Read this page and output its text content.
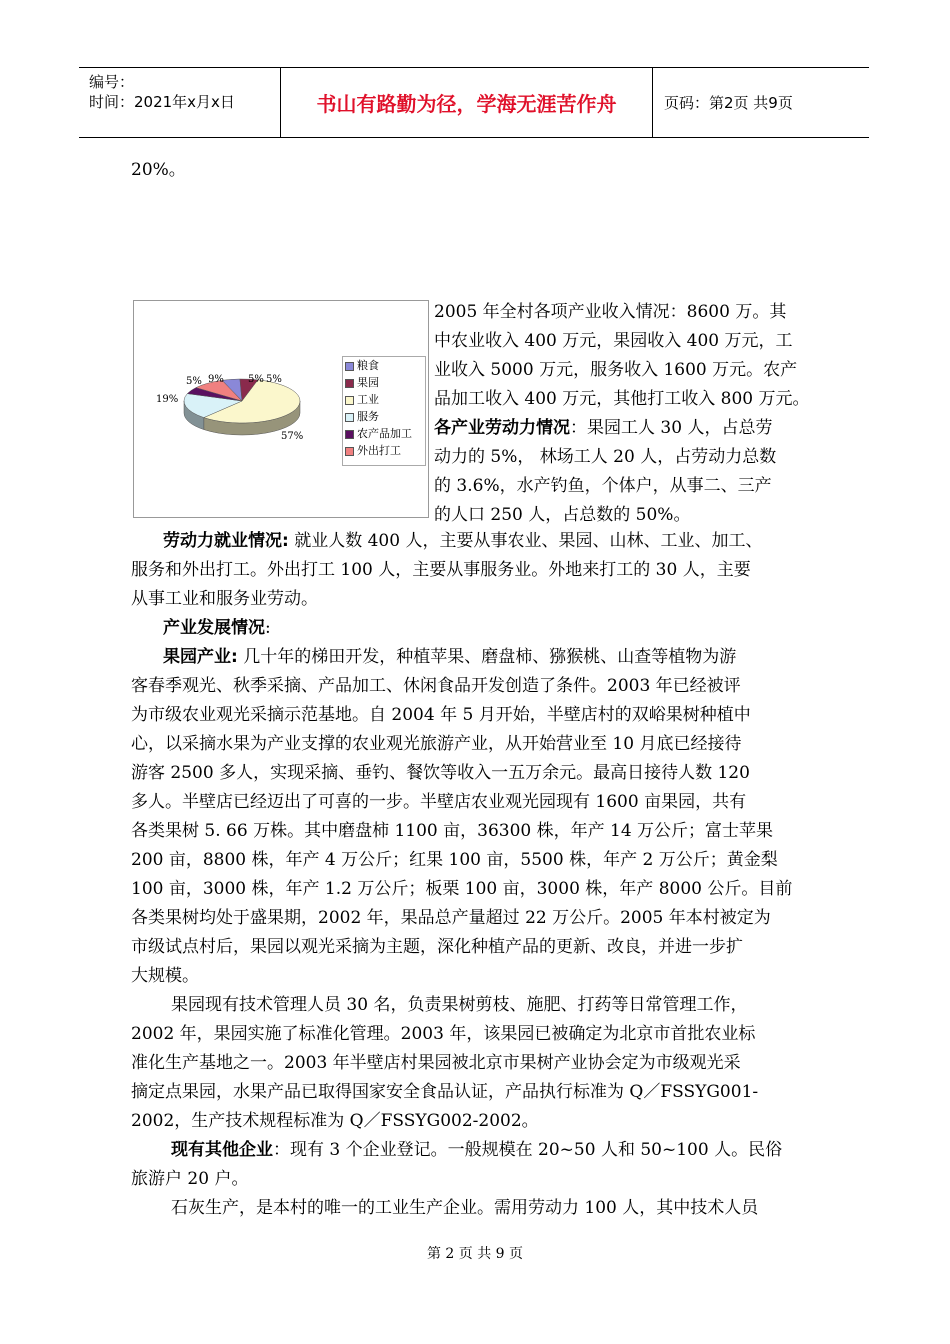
编号：
时间：2021年x月x日	书山有路勤为径，学海无涯苦作舟	页码：第2页 共9页
20%。
粮食
果园
工业
服务
农产品加工
外出打工
5% 5%
57%
19%
5% 9%
2005 年全村各项产业收入情况：8600 万。其
中农业收入 400 万元，果园收入 400 万元，工
业收入 5000 万元，服务收入 1600 万元。农产
品加工收入 400 万元，其他打工收入 800 万元。
各产业劳动力情况：果园工人 30 人，占总劳
动力的 5%， 林场工人 20 人，占劳动力总数
的 3.6%，水产钓鱼，个体户，从事二、三产
的人口 250 人，占总数的 50%。
劳动力就业情况: 就业人数 400 人，主要从事农业、果园、山林、工业、加工、
服务和外出打工。外出打工 100 人，主要从事服务业。外地来打工的 30 人，主要
从事工业和服务业劳动。
产业发展情况:
果园产业: 几十年的梯田开发，种植苹果、磨盘柿、猕猴桃、山查等植物为游
客春季观光、秋季采摘、产品加工、休闲食品开发创造了条件。2003 年已经被评
为市级农业观光采摘示范基地。自 2004 年 5 月开始，半壁店村的双峪果树种植中
心，以采摘水果为产业支撑的农业观光旅游产业，从开始营业至 10 月底已经接待
游客 2500 多人，实现采摘、垂钓、餐饮等收入一五万余元。最高日接待人数 120
多人。半壁店已经迈出了可喜的一步。半壁店农业观光园现有 1600 亩果园，共有
各类果树 5. 66 万株。其中磨盘柿 1100 亩，36300 株，年产 14 万公斤；富士苹果
200 亩，8800 株，年产 4 万公斤；红果 100 亩，5500 株，年产 2 万公斤；黄金梨
100 亩，3000 株，年产 1.2 万公斤；板栗 100 亩，3000 株，年产 8000 公斤。目前
各类果树均处于盛果期，2002 年，果品总产量超过 22 万公斤。2005 年本村被定为
市级试点村后，果园以观光采摘为主题，深化种植产品的更新、改良，并进一步扩
大规模。
果园现有技术管理人员 30 名，负责果树剪枝、施肥、打药等日常管理工作，
2002 年，果园实施了标准化管理。2003 年，该果园已被确定为北京市首批农业标
准化生产基地之一。2003 年半壁店村果园被北京市果树产业协会定为市级观光采
摘定点果园，水果产品已取得国家安全食品认证，产品执行标准为 Q／FSSYG001-
2002，生产技术规程标准为 Q／FSSYG002-2002。
现有其他企业：现有 3 个企业登记。一般规模在 20~50 人和 50~100 人。民俗
旅游户 20 户。
石灰生产，是本村的唯一的工业生产企业。需用劳动力 100 人，其中技术人员
第 2 页 共 9 页
